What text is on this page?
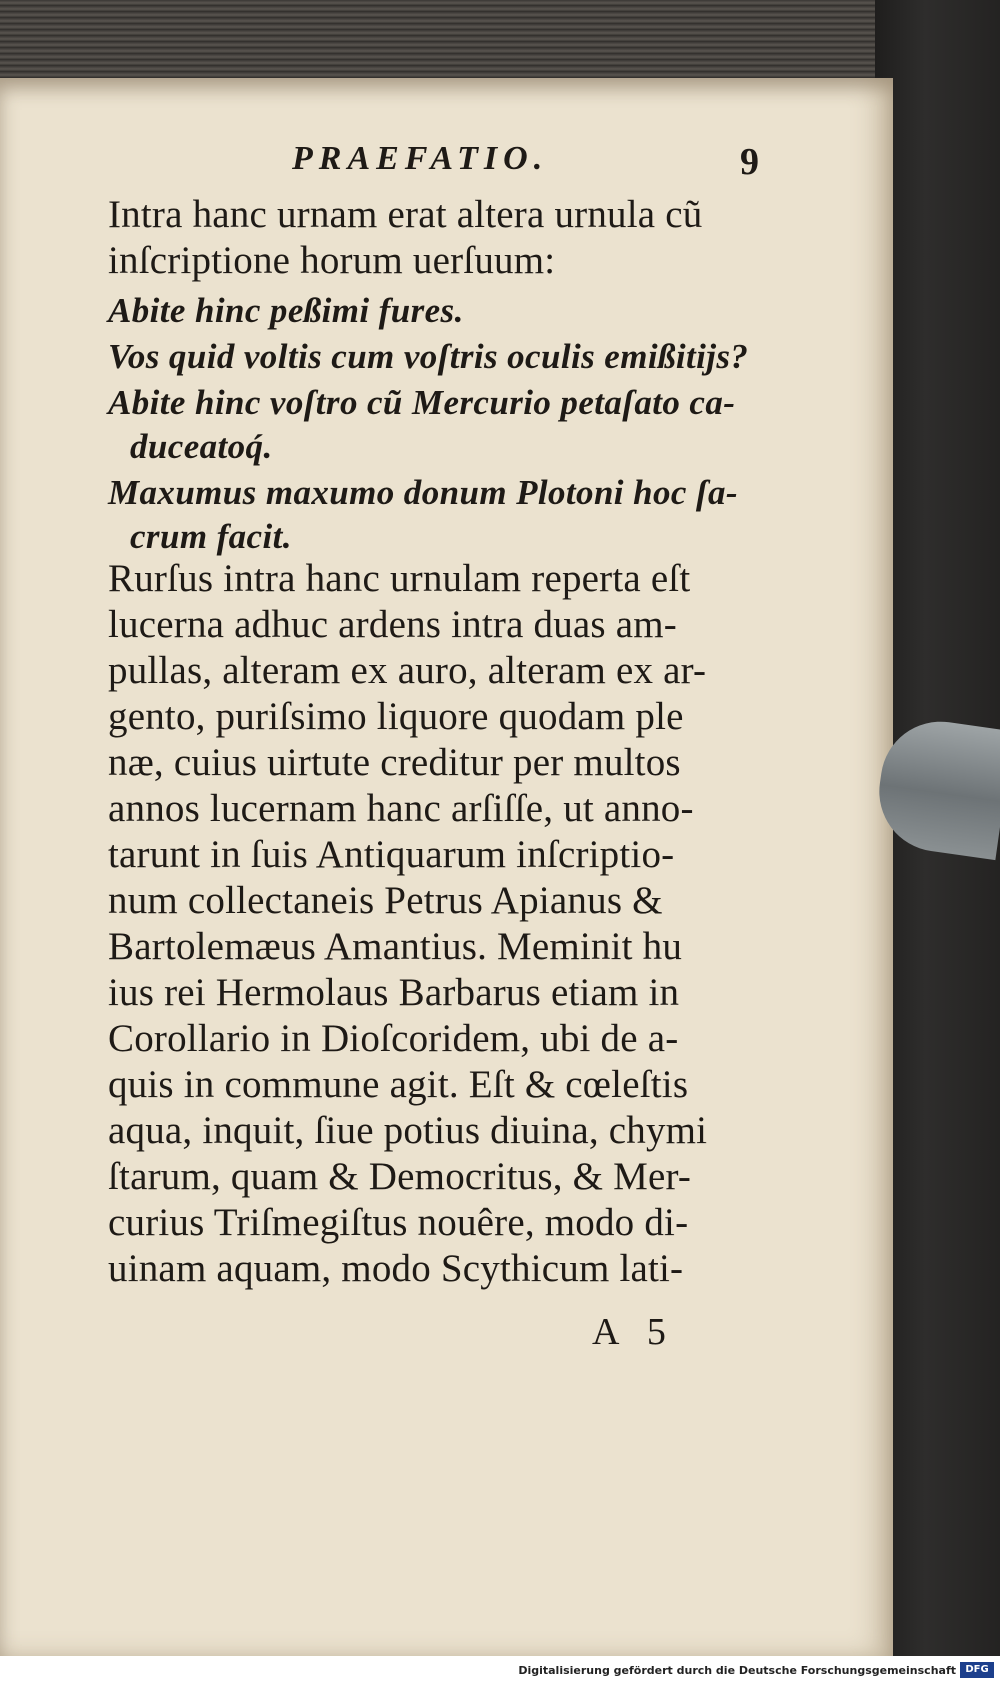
PRAEFATIO.	9
Intra hanc urnam erat altera urnula cũ
inſcriptione horum uerſuum:
Abite hinc peßimi fures.
Vos quid voltis cum voſtris oculis emißitijs?
Abite hinc voſtro cũ Mercurio petaſato ca-
duceatoq́.
Maxumus maxumo donum Plotoni hoc ſa-
crum facit.
Rurſus intra hanc urnulam reperta eſt
lucerna adhuc ardens intra duas am-
pullas, alteram ex auro, alteram ex ar-
gento, puriſsimo liquore quodam ple
næ, cuius uirtute creditur per multos
annos lucernam hanc arſiſſe, ut anno-
tarunt in ſuis Antiquarum inſcriptio-
num collectaneis Petrus Apianus &
Bartolemæus Amantius. Meminit hu
ius rei Hermolaus Barbarus etiam in
Corollario in Dioſcoridem, ubi de a-
quis in commune agit. Eſt & cœleſtis
aqua, inquit, ſiue potius diuina, chymi
ſtarum, quam & Democritus, & Mer-
curius Triſmegiſtus nouêre, modo di-
uinam aquam, modo Scythicum lati-
A 5
Digitalisierung gefördert durch die Deutsche Forschungsgemeinschaft DFG
